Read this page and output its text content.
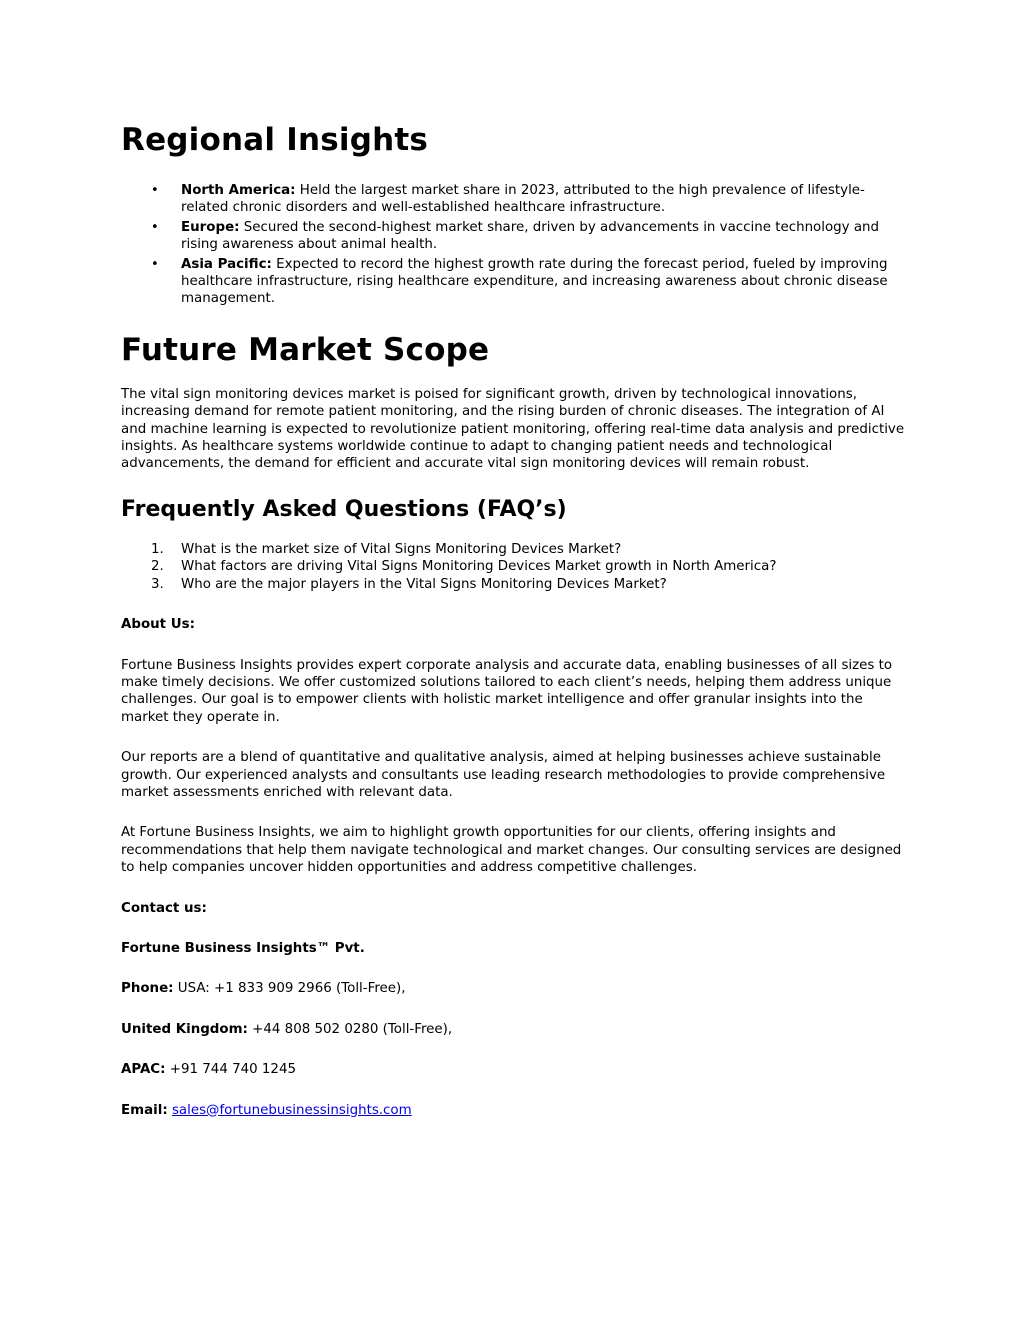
Regional Insights
• North America: Held the largest market share in 2023, attributed to the high prevalence of lifestyle-related chronic disorders and well-established healthcare infrastructure.
• Europe: Secured the second-highest market share, driven by advancements in vaccine technology and rising awareness about animal health.
• Asia Pacific: Expected to record the highest growth rate during the forecast period, fueled by improving healthcare infrastructure, rising healthcare expenditure, and increasing awareness about chronic disease management.
Future Market Scope

The vital sign monitoring devices market is poised for significant growth, driven by technological innovations, increasing demand for remote patient monitoring, and the rising burden of chronic diseases. The integration of AI and machine learning is expected to revolutionize patient monitoring, offering real-time data analysis and predictive insights. As healthcare systems worldwide continue to adapt to changing patient needs and technological advancements, the demand for efficient and accurate vital sign monitoring devices will remain robust.

Frequently Asked Questions (FAQ’s)
1. What is the market size of Vital Signs Monitoring Devices Market?
2. What factors are driving Vital Signs Monitoring Devices Market growth in North America?
3. Who are the major players in the Vital Signs Monitoring Devices Market?

About Us:

Fortune Business Insights provides expert corporate analysis and accurate data, enabling businesses of all sizes to make timely decisions. We offer customized solutions tailored to each client’s needs, helping them address unique challenges. Our goal is to empower clients with holistic market intelligence and offer granular insights into the market they operate in.

Our reports are a blend of quantitative and qualitative analysis, aimed at helping businesses achieve sustainable growth. Our experienced analysts and consultants use leading research methodologies to provide comprehensive market assessments enriched with relevant data.

At Fortune Business Insights, we aim to highlight growth opportunities for our clients, offering insights and recommendations that help them navigate technological and market changes. Our consulting services are designed to help companies uncover hidden opportunities and address competitive challenges.

Contact us:

Fortune Business Insights™ Pvt.

Phone: USA: +1 833 909 2966 (Toll-Free),

United Kingdom: +44 808 502 0280 (Toll-Free),

APAC: +91 744 740 1245

Email: sales@fortunebusinessinsights.com
